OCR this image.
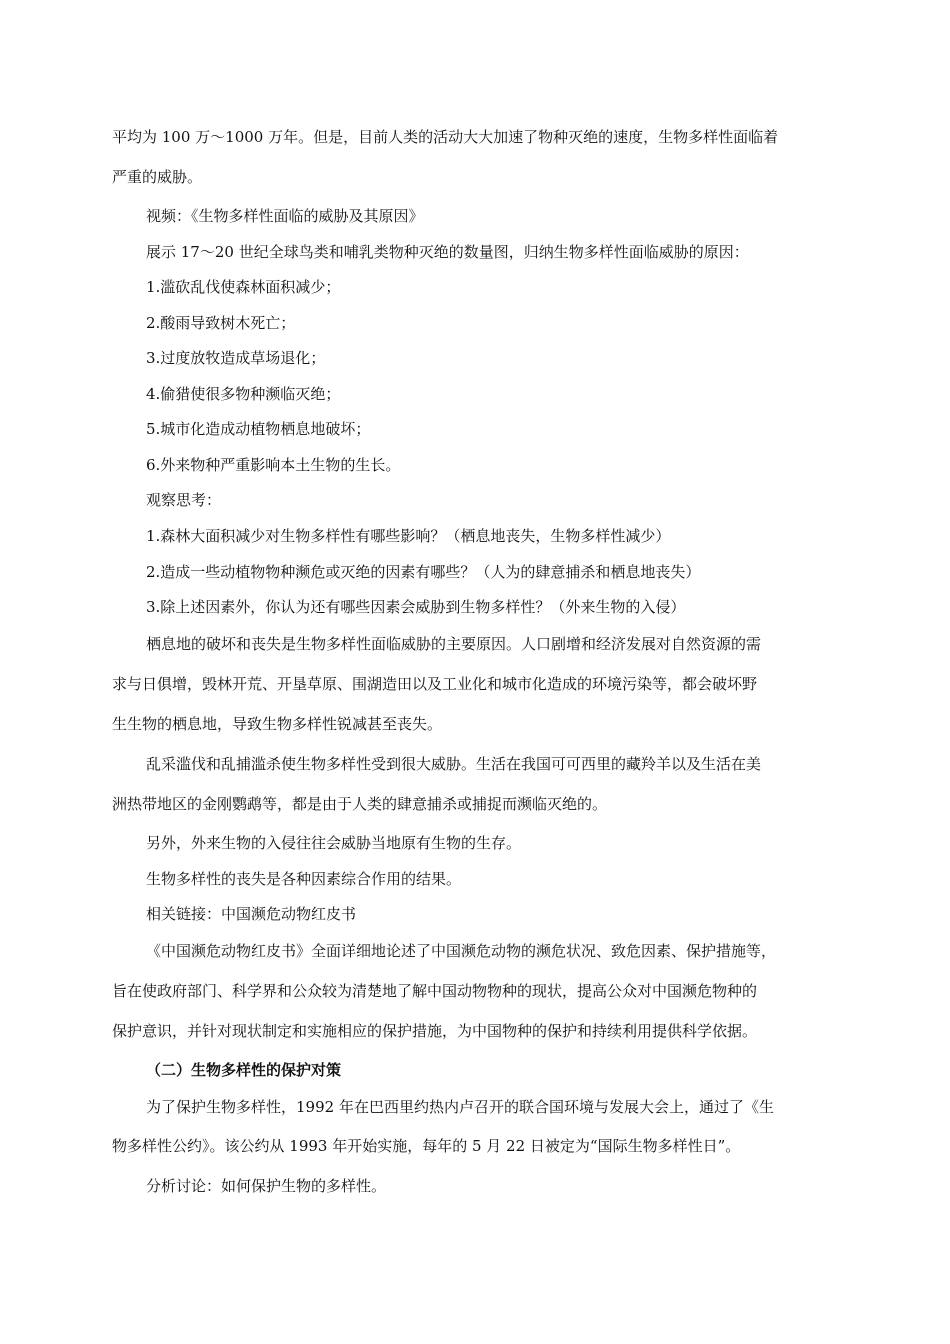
平均为 100 万～1000 万年。但是，目前人类的活动大大加速了物种灭绝的速度，生物多样性面临着
严重的威胁。
视频：《生物多样性面临的威胁及其原因》
展示 17～20 世纪全球鸟类和哺乳类物种灭绝的数量图，归纳生物多样性面临威胁的原因：
1.滥砍乱伐使森林面积减少；
2.酸雨导致树木死亡；
3.过度放牧造成草场退化；
4.偷猎使很多物种濒临灭绝；
5.城市化造成动植物栖息地破坏；
6.外来物种严重影响本土生物的生长。
观察思考：
1.森林大面积减少对生物多样性有哪些影响？（栖息地丧失，生物多样性减少）
2.造成一些动植物物种濒危或灭绝的因素有哪些？（人为的肆意捕杀和栖息地丧失）
3.除上述因素外，你认为还有哪些因素会威胁到生物多样性？（外来生物的入侵）
栖息地的破坏和丧失是生物多样性面临威胁的主要原因。人口剧增和经济发展对自然资源的需
求与日俱增，毁林开荒、开垦草原、围湖造田以及工业化和城市化造成的环境污染等，都会破坏野
生生物的栖息地，导致生物多样性锐减甚至丧失。
乱采滥伐和乱捕滥杀使生物多样性受到很大威胁。生活在我国可可西里的藏羚羊以及生活在美
洲热带地区的金刚鹦鹉等，都是由于人类的肆意捕杀或捕捉而濒临灭绝的。
另外，外来生物的入侵往往会威胁当地原有生物的生存。
生物多样性的丧失是各种因素综合作用的结果。
相关链接：中国濒危动物红皮书
《中国濒危动物红皮书》全面详细地论述了中国濒危动物的濒危状况、致危因素、保护措施等，
旨在使政府部门、科学界和公众较为清楚地了解中国动物物种的现状，提高公众对中国濒危物种的
保护意识，并针对现状制定和实施相应的保护措施，为中国物种的保护和持续利用提供科学依据。
（二）生物多样性的保护对策
为了保护生物多样性，1992 年在巴西里约热内卢召开的联合国环境与发展大会上，通过了《生
物多样性公约》。该公约从 1993 年开始实施，每年的 5 月 22 日被定为“国际生物多样性日”。
分析讨论：如何保护生物的多样性。
